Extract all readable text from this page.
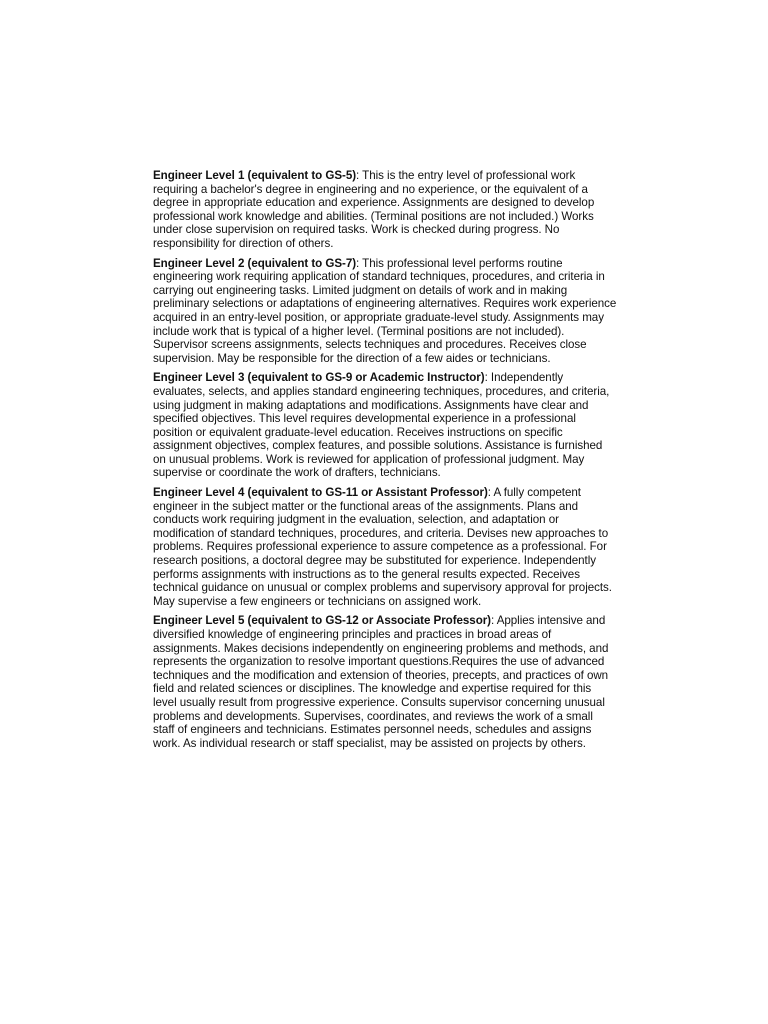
Engineer Level 1 (equivalent to GS-5): This is the entry level of professional work requiring a bachelor's degree in engineering and no experience, or the equivalent of a degree in appropriate education and experience. Assignments are designed to develop professional work knowledge and abilities. (Terminal positions are not included.) Works under close supervision on required tasks. Work is checked during progress. No responsibility for direction of others.

Engineer Level 2 (equivalent to GS-7): This professional level performs routine engineering work requiring application of standard techniques, procedures, and criteria in carrying out engineering tasks. Limited judgment on details of work and in making preliminary selections or adaptations of engineering alternatives. Requires work experience acquired in an entry-level position, or appropriate graduate-level study. Assignments may include work that is typical of a higher level. (Terminal positions are not included). Supervisor screens assignments, selects techniques and procedures. Receives close supervision. May be responsible for the direction of a few aides or technicians.

Engineer Level 3 (equivalent to GS-9 or Academic Instructor): Independently evaluates, selects, and applies standard engineering techniques, procedures, and criteria, using judgment in making adaptations and modifications. Assignments have clear and specified objectives. This level requires developmental experience in a professional position or equivalent graduate-level education. Receives instructions on specific assignment objectives, complex features, and possible solutions. Assistance is furnished on unusual problems. Work is reviewed for application of professional judgment. May supervise or coordinate the work of drafters, technicians.

Engineer Level 4 (equivalent to GS-11 or Assistant Professor): A fully competent engineer in the subject matter or the functional areas of the assignments. Plans and conducts work requiring judgment in the evaluation, selection, and adaptation or modification of standard techniques, procedures, and criteria. Devises new approaches to problems. Requires professional experience to assure competence as a professional. For research positions, a doctoral degree may be substituted for experience. Independently performs assignments with instructions as to the general results expected. Receives technical guidance on unusual or complex problems and supervisory approval for projects. May supervise a few engineers or technicians on assigned work.

Engineer Level 5 (equivalent to GS-12 or Associate Professor): Applies intensive and diversified knowledge of engineering principles and practices in broad areas of assignments. Makes decisions independently on engineering problems and methods, and represents the organization to resolve important questions.Requires the use of advanced techniques and the modification and extension of theories, precepts, and practices of own field and related sciences or disciplines. The knowledge and expertise required for this level usually result from progressive experience. Consults supervisor concerning unusual problems and developments. Supervises, coordinates, and reviews the work of a small staff of engineers and technicians. Estimates personnel needs, schedules and assigns work. As individual research or staff specialist, may be assisted on projects by others.
